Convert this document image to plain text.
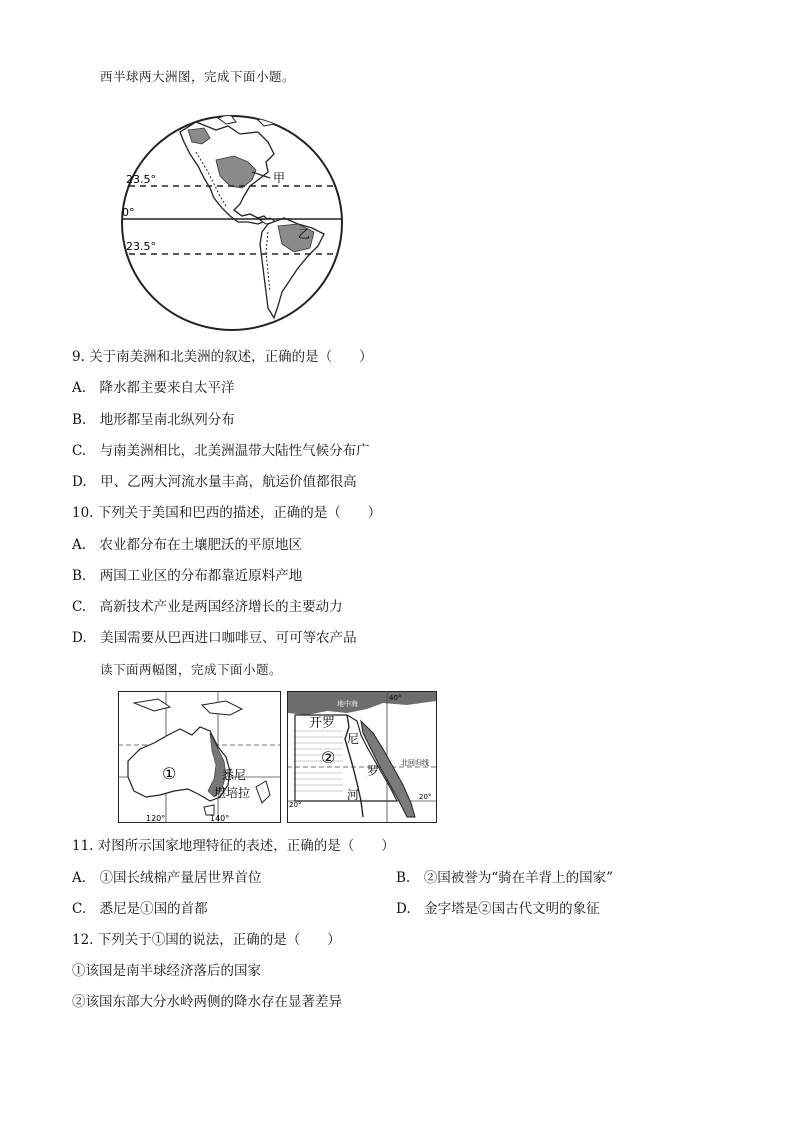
西半球两大洲图，完成下面小题。
23.5°
0°
23.5°
甲
乙
9. 关于南美洲和北美洲的叙述，正确的是（　　）
A.　降水都主要来自太平洋
B.　地形都呈南北纵列分布
C.　与南美洲相比，北美洲温带大陆性气候分布广
D.　甲、乙两大河流水量丰高，航运价值都很高
10. 下列关于美国和巴西的描述，正确的是（　　）
A.　农业都分布在土壤肥沃的平原地区
B.　两国工业区的分布都靠近原料产地
C.　高新技术产业是两国经济增长的主要动力
D.　美国需要从巴西进口咖啡豆、可可等农产品
读下面两幅图，完成下面小题。
①	悉尼
堪培拉
120°	140°
地中海
40°
开罗
②
尼
罗
河
北回归线
20°
20°
11. 对图所示国家地理特征的表述，正确的是（　　）
A.　①国长绒棉产量居世界首位	B.　②国被誉为“骑在羊背上的国家”
C.　悉尼是①国的首都	D.　金字塔是②国古代文明的象征
12. 下列关于①国的说法，正确的是（　　）
①该国是南半球经济落后的国家
②该国东部大分水岭两侧的降水存在显著差异
